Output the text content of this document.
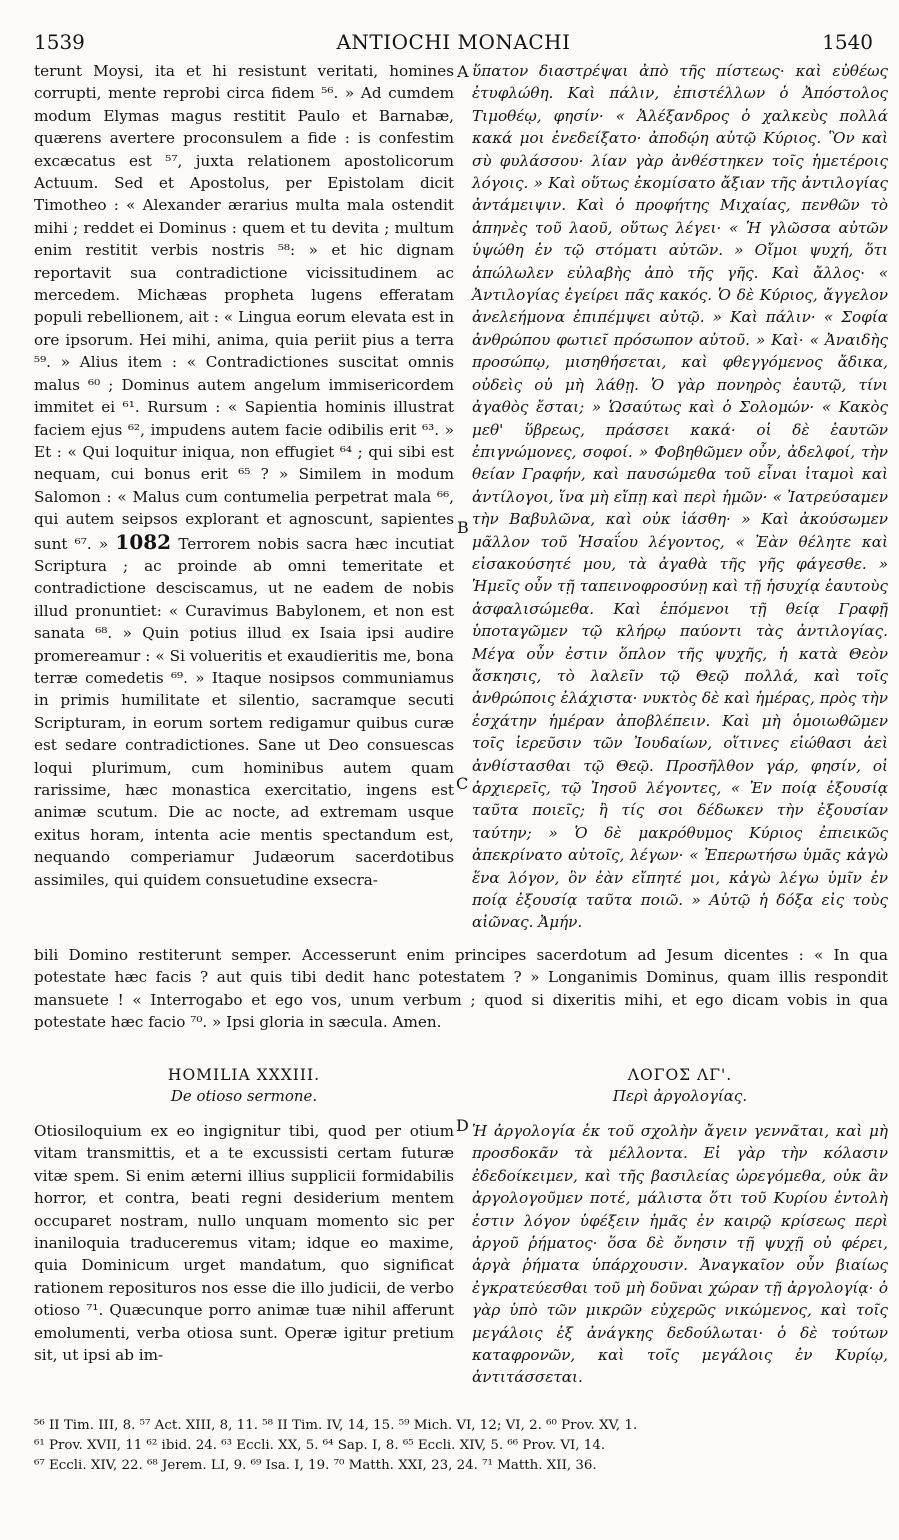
1539	ANTIOCHI MONACHI	1540

terunt Moysi, ita et hi resistunt veritati, homines corrupti, mente reprobi circa fidem ⁵⁶. » Ad cumdem modum Elymas magus restitit Paulo et Barnabæ, quærens avertere proconsulem a fide : is confestim excæcatus est ⁵⁷, juxta relationem apostolicorum Actuum. Sed et Apostolus, per Epistolam dicit Timotheo : « Alexander ærarius multa mala ostendit mihi ; reddet ei Dominus : quem et tu devita ; multum enim restitit verbis nostris ⁵⁸: » et hic dignam reportavit sua contradictione vicissitudinem ac mercedem. Michæas propheta lugens efferatam populi rebellionem, ait : « Lingua eorum elevata est in ore ipsorum. Hei mihi, anima, quia periit pius a terra ⁵⁹. » Alius item : « Contradictiones suscitat omnis malus ⁶⁰ ; Dominus autem angelum immisericordem immitet ei ⁶¹. Rursum : « Sapientia hominis illustrat faciem ejus ⁶², impudens autem facie odibilis erit ⁶³. » Et : « Qui loquitur iniqua, non effugiet ⁶⁴ ; qui sibi est nequam, cui bonus erit ⁶⁵ ? » Similem in modum Salomon : « Malus cum contumelia perpetrat mala ⁶⁶, qui autem seipsos explorant et agnoscunt, sapientes sunt ⁶⁷. » 1082 Terrorem nobis sacra hæc incutiat Scriptura ; ac proinde ab omni temeritate et contradictione desciscamus, ut ne eadem de nobis illud pronuntiet: « Curavimus Babylonem, et non est sanata ⁶⁸. » Quin potius illud ex Isaia ipsi audire promereamur : « Si volueritis et exaudieritis me, bona terræ comedetis ⁶⁹. » Itaque nosipsos communiamus in primis humilitate et silentio, sacramque secuti Scripturam, in eorum sortem redigamur quibus curæ est sedare contradictiones. Sane ut Deo consuescas loqui plurimum, cum hominibus autem quam rarissime, hæc monastica exercitatio, ingens est animæ scutum. Die ac nocte, ad extremam usque exitus horam, intenta acie mentis spectandum est, nequando comperiamur Judæorum sacerdotibus assimiles, qui quidem consuetudine exsecra-

A
B
C
D

ὕπατον διαστρέψαι ἀπὸ τῆς πίστεως· καὶ εὐθέως ἐτυφλώθη. Καὶ πάλιν, ἐπιστέλλων ὁ Ἀπόστολος Τιμοθέῳ, φησίν· « Ἀλέξανδρος ὁ χαλκεὺς πολλά κακά μοι ἐνεδείξατο· ἀποδῴη αὐτῷ Κύριος. Ὃν καὶ σὺ φυλάσσου· λίαν γὰρ ἀνθέστηκεν τοῖς ἡμετέροις λόγοις. » Καὶ οὕτως ἐκομίσατο ἄξιαν τῆς ἀντιλογίας ἀντάμειψιν. Καὶ ὁ προφήτης Μιχαίας, πενθῶν τὸ ἀπηνὲς τοῦ λαοῦ, οὕτως λέγει· « Ἡ γλῶσσα αὐτῶν ὑψώθη ἐν τῷ στόματι αὐτῶν. » Οἴμοι ψυχή, ὅτι ἀπώλωλεν εὐλαβὴς ἀπὸ τῆς γῆς. Καὶ ἄλλος· « Ἀντιλογίας ἐγείρει πᾶς κακός. Ὁ δὲ Κύριος, ἄγγελον ἀνελεήμονα ἐπιπέμψει αὐτῷ. » Καὶ πάλιν· « Σοφία ἀνθρώπου φωτιεῖ πρόσωπον αὐτοῦ. » Καὶ· « Ἀναιδὴς προσώπῳ, μισηθήσεται, καὶ φθεγγόμενος ἄδικα, οὐδεὶς οὐ μὴ λάθῃ. Ὁ γὰρ πονηρὸς ἑαυτῷ, τίνι ἀγαθὸς ἔσται; » Ὡσαύτως καὶ ὁ Σολομών· « Κακὸς μεθ' ὕβρεως, πράσσει κακά· οἱ δὲ ἑαυτῶν ἐπιγνώμονες, σοφοί. » Φοβηθῶμεν οὖν, ἀδελφοί, τὴν θείαν Γραφήν, καὶ παυσώμεθα τοῦ εἶναι ἰταμοὶ καὶ ἀντίλογοι, ἵνα μὴ εἴπῃ καὶ περὶ ἡμῶν· « Ἰατρεύσαμεν τὴν Βαβυλῶνα, καὶ οὐκ ἰάσθη· » Καὶ ἀκούσωμεν μᾶλλον τοῦ Ἡσαΐου λέγοντος, « Ἐὰν θέλητε καὶ εἰσακούσητέ μου, τὰ ἀγαθὰ τῆς γῆς φάγεσθε. » Ἡμεῖς οὖν τῇ ταπεινοφροσύνῃ καὶ τῇ ἡσυχίᾳ ἑαυτοὺς ἀσφαλισώμεθα. Καὶ ἑπόμενοι τῇ θείᾳ Γραφῇ ὑποταγῶμεν τῷ κλήρῳ παύοντι τὰς ἀντιλογίας. Μέγα οὖν ἐστιν ὅπλον τῆς ψυχῆς, ἡ κατὰ Θεὸν ἄσκησις, τὸ λαλεῖν τῷ Θεῷ πολλά, καὶ τοῖς ἀνθρώποις ἐλάχιστα· νυκτὸς δὲ καὶ ἡμέρας, πρὸς τὴν ἐσχάτην ἡμέραν ἀποβλέπειν. Καὶ μὴ ὁμοιωθῶμεν τοῖς ἱερεῦσιν τῶν Ἰουδαίων, οἵτινες εἰώθασι ἀεὶ ἀνθίστασθαι τῷ Θεῷ. Προσῆλθον γάρ, φησίν, οἱ ἀρχιερεῖς, τῷ Ἰησοῦ λέγοντες, « Ἐν ποίᾳ ἐξουσίᾳ ταῦτα ποιεῖς; ἢ τίς σοι δέδωκεν τὴν ἐξουσίαν ταύτην; » Ὁ δὲ μακρόθυμος Κύριος ἐπιεικῶς ἀπεκρίνατο αὐτοῖς, λέγων· « Ἐπερωτήσω ὑμᾶς κἀγὼ ἕνα λόγον, ὃν ἐὰν εἴπητέ μοι, κἀγὼ λέγω ὑμῖν ἐν ποίᾳ ἐξουσίᾳ ταῦτα ποιῶ. » Αὐτῷ ἡ δόξα εἰς τοὺς αἰῶνας. Ἀμήν.

bili Domino restiterunt semper. Accesserunt enim principes sacerdotum ad Jesum dicentes : « In qua potestate hæc facis ? aut quis tibi dedit hanc potestatem ? » Longanimis Dominus, quam illis respondit mansuete ! « Interrogabo et ego vos, unum verbum ; quod si dixeritis mihi, et ego dicam vobis in qua potestate hæc facio ⁷⁰. » Ipsi gloria in sæcula. Amen.

HOMILIA XXXIII.
De otioso sermone.
ΛΟΓΟΣ ΛΓ'.
Περὶ ἀργολογίας.

Otiosiloquium ex eo ingignitur tibi, quod per otium vitam transmittis, et a te excussisti certam futuræ vitæ spem. Si enim æterni illius supplicii formidabilis horror, et contra, beati regni desiderium mentem occuparet nostram, nullo unquam momento sic per inaniloquia traduceremus vitam; idque eo maxime, quia Dominicum urget mandatum, quo significat rationem reposituros nos esse die illo judicii, de verbo otioso ⁷¹. Quæcunque porro animæ tuæ nihil afferunt emolumenti, verba otiosa sunt. Operæ igitur pretium sit, ut ipsi ab im-

Ἡ ἀργολογία ἐκ τοῦ σχολὴν ἄγειν γεννᾶται, καὶ μὴ προσδοκᾶν τὰ μέλλοντα. Εἰ γὰρ τὴν κόλασιν ἐδεδοίκειμεν, καὶ τῆς βασιλείας ὠρεγόμεθα, οὐκ ἂν ἀργολογοῦμεν ποτέ, μάλιστα ὅτι τοῦ Κυρίου ἐντολὴ ἐστιν λόγον ὑφέξειν ἡμᾶς ἐν καιρῷ κρίσεως περὶ ἀργοῦ ῥήματος· ὅσα δὲ ὄνησιν τῇ ψυχῇ οὐ φέρει, ἀργὰ ῥήματα ὑπάρχουσιν. Ἀναγκαῖον οὖν βιαίως ἐγκρατεύεσθαι τοῦ μὴ δοῦναι χώραν τῇ ἀργολογίᾳ· ὁ γὰρ ὑπὸ τῶν μικρῶν εὐχερῶς νικώμενος, καὶ τοῖς μεγάλοις ἐξ ἀνάγκης δεδούλωται· ὁ δὲ τούτων καταφρονῶν, καὶ τοῖς μεγάλοις ἐν Κυρίῳ, ἀντιτάσσεται.

⁵⁶ II Tim. III, 8. ⁵⁷ Act. XIII, 8, 11. ⁵⁸ II Tim. IV, 14, 15. ⁵⁹ Mich. VI, 12; VI, 2. ⁶⁰ Prov. XV, 1.
⁶¹ Prov. XVII, 11 ⁶² ibid. 24. ⁶³ Eccli. XX, 5. ⁶⁴ Sap. I, 8. ⁶⁵ Eccli. XIV, 5. ⁶⁶ Prov. VI, 14.
⁶⁷ Eccli. XIV, 22. ⁶⁸ Jerem. LI, 9. ⁶⁹ Isa. I, 19. ⁷⁰ Matth. XXI, 23, 24. ⁷¹ Matth. XII, 36.
